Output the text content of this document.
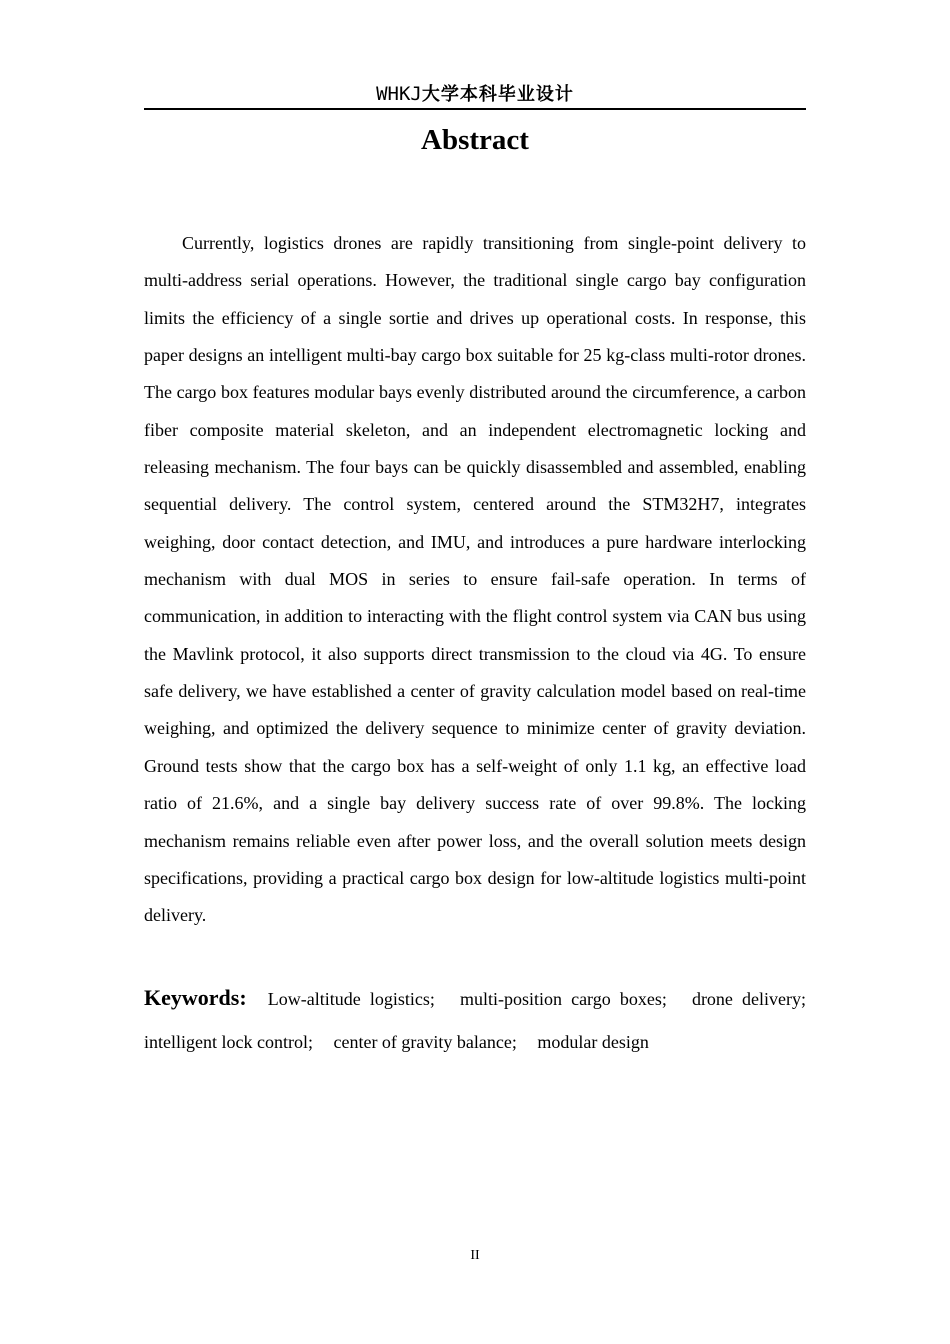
WHKJ大学本科毕业设计
Abstract

Currently, logistics drones are rapidly transitioning from single-point delivery to multi-address serial operations. However, the traditional single cargo bay configuration limits the efficiency of a single sortie and drives up operational costs. In response, this paper designs an intelligent multi-bay cargo box suitable for 25 kg-class multi-rotor drones. The cargo box features modular bays evenly distributed around the circumference, a carbon fiber composite material skeleton, and an independent electromagnetic locking and releasing mechanism. The four bays can be quickly disassembled and assembled, enabling sequential delivery. The control system, centered around the STM32H7, integrates weighing, door contact detection, and IMU, and introduces a pure hardware interlocking mechanism with dual MOS in series to ensure fail-safe operation. In terms of communication, in addition to interacting with the flight control system via CAN bus using the Mavlink protocol, it also supports direct transmission to the cloud via 4G. To ensure safe delivery, we have established a center of gravity calculation model based on real-time weighing, and optimized the delivery sequence to minimize center of gravity deviation. Ground tests show that the cargo box has a self-weight of only 1.1 kg, an effective load ratio of 21.6%, and a single bay delivery success rate of over 99.8%. The locking mechanism remains reliable even after power loss, and the overall solution meets design specifications, providing a practical cargo box design for low-altitude logistics multi-point delivery.

Keywords: Low-altitude logistics; multi-position cargo boxes; drone delivery; intelligent lock control; center of gravity balance; modular design

II
